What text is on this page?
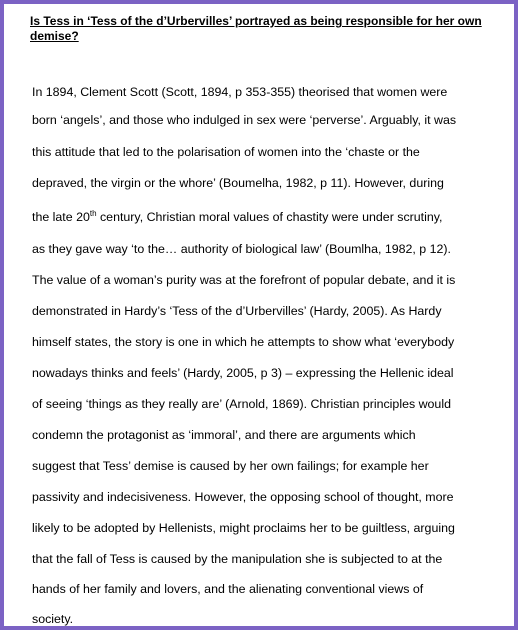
Is Tess in ‘Tess of the d’Urbervilles’ portrayed as being responsible for her own demise?

In 1894, Clement Scott (Scott, 1894, p 353-355) theorised that women were

born ‘angels’, and those who indulged in sex were ‘perverse’. Arguably, it was

this attitude that led to the polarisation of women into the ‘chaste or the

depraved, the virgin or the whore’ (Boumelha, 1982, p 11). However, during

the late 20th century, Christian moral values of chastity were under scrutiny,

as they gave way ‘to the… authority of biological law’ (Boumlha, 1982, p 12).

The value of a woman’s purity was at the forefront of popular debate, and it is

demonstrated in Hardy’s ‘Tess of the d’Urbervilles’ (Hardy, 2005). As Hardy

himself states, the story is one in which he attempts to show what ‘everybody

nowadays thinks and feels’ (Hardy, 2005, p 3) – expressing the Hellenic ideal

of seeing ‘things as they really are’ (Arnold, 1869). Christian principles would

condemn the protagonist as ‘immoral’, and there are arguments which

suggest that Tess’ demise is caused by her own failings; for example her

passivity and indecisiveness. However, the opposing school of thought, more

likely to be adopted by Hellenists, might proclaims her to be guiltless, arguing

that the fall of Tess is caused by the manipulation she is subjected to at the

hands of her family and lovers, and the alienating conventional views of

society.
